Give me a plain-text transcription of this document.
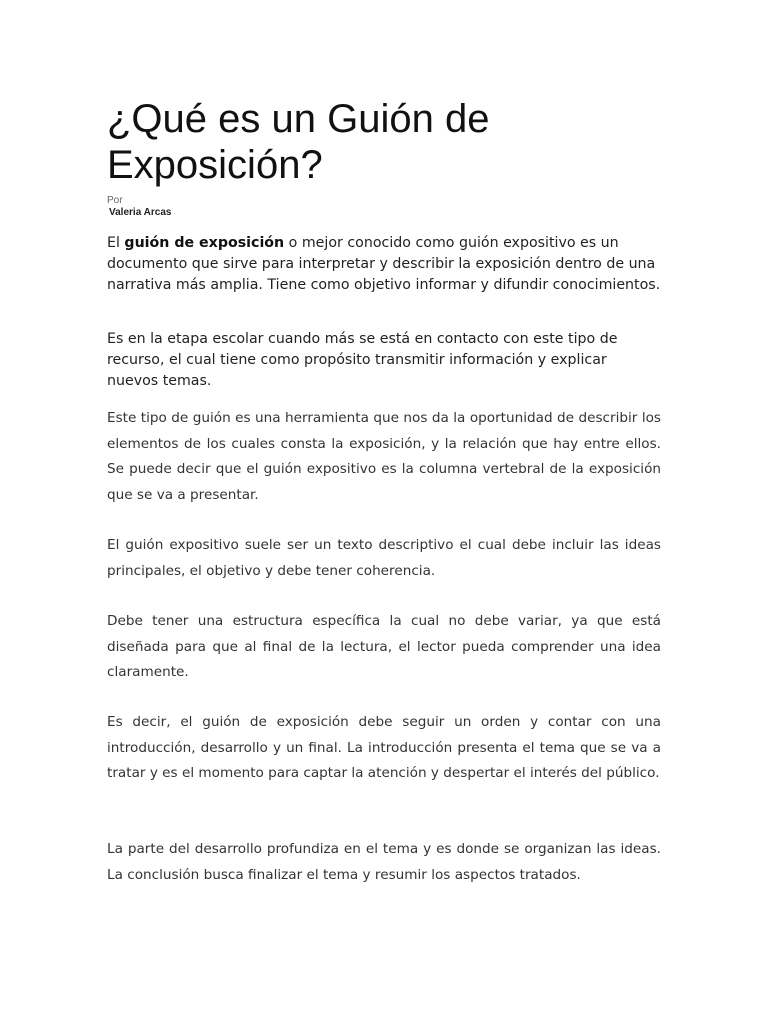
¿Qué es un Guión de Exposición?
Por
Valeria Arcas

El guión de exposición o mejor conocido como guión expositivo es un documento que sirve para interpretar y describir la exposición dentro de una narrativa más amplia. Tiene como objetivo informar y difundir conocimientos.

Es en la etapa escolar cuando más se está en contacto con este tipo de recurso, el cual tiene como propósito transmitir información y explicar nuevos temas.

Este tipo de guión es una herramienta que nos da la oportunidad de describir los elementos de los cuales consta la exposición, y la relación que hay entre ellos. Se puede decir que el guión expositivo es la columna vertebral de la exposición que se va a presentar.

El guión expositivo suele ser un texto descriptivo el cual debe incluir las ideas principales, el objetivo y debe tener coherencia.

Debe tener una estructura específica la cual no debe variar, ya que está diseñada para que al final de la lectura, el lector pueda comprender una idea claramente.

Es decir, el guión de exposición debe seguir un orden y contar con una introducción, desarrollo y un final. La introducción presenta el tema que se va a tratar y es el momento para captar la atención y despertar el interés del público.

La parte del desarrollo profundiza en el tema y es donde se organizan las ideas. La conclusión busca finalizar el tema y resumir los aspectos tratados.
